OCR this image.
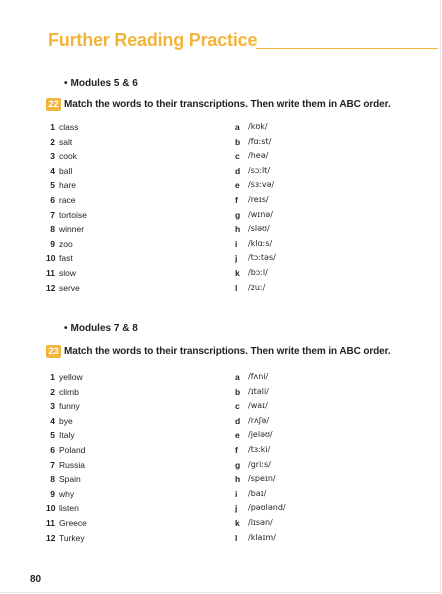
Further Reading Practice
• Modules 5 & 6
22 Match the words to their transcriptions. Then write them in ABC order.
1 class
2 salt
3 cook
4 ball
5 hare
6 race
7 tortoise
8 winner
9 zoo
10 fast
11 slow
12 serve
a	/kʊk/
b /fɑːst/
c	/heə/
d /sɔːlt/
e	/sɜːvə/
f	/reɪs/
g /wɪnə/
h /sləʊ/
i	/klɑːs/
j	/tɔːtəs/
k	/bɔːl/
l	/zuː/
• Modules 7 & 8
23 Match the words to their transcriptions. Then write them in ABC order.
1 yellow
2 climb
3 funny
4 bye
5 Italy
6 Poland
7 Russia
8 Spain
9 why
10 listen
11 Greece
12 Turkey
a	/fʌni/
b /ɪtəli/
c	/waɪ/
d /rʌʃə/
e	/jeləʊ/
f	/tɜːki/
g /griːs/
h /speɪn/
i	/baɪ/
j	/pəʊlənd/
k	/lɪsən/
l	/klaɪm/
80
